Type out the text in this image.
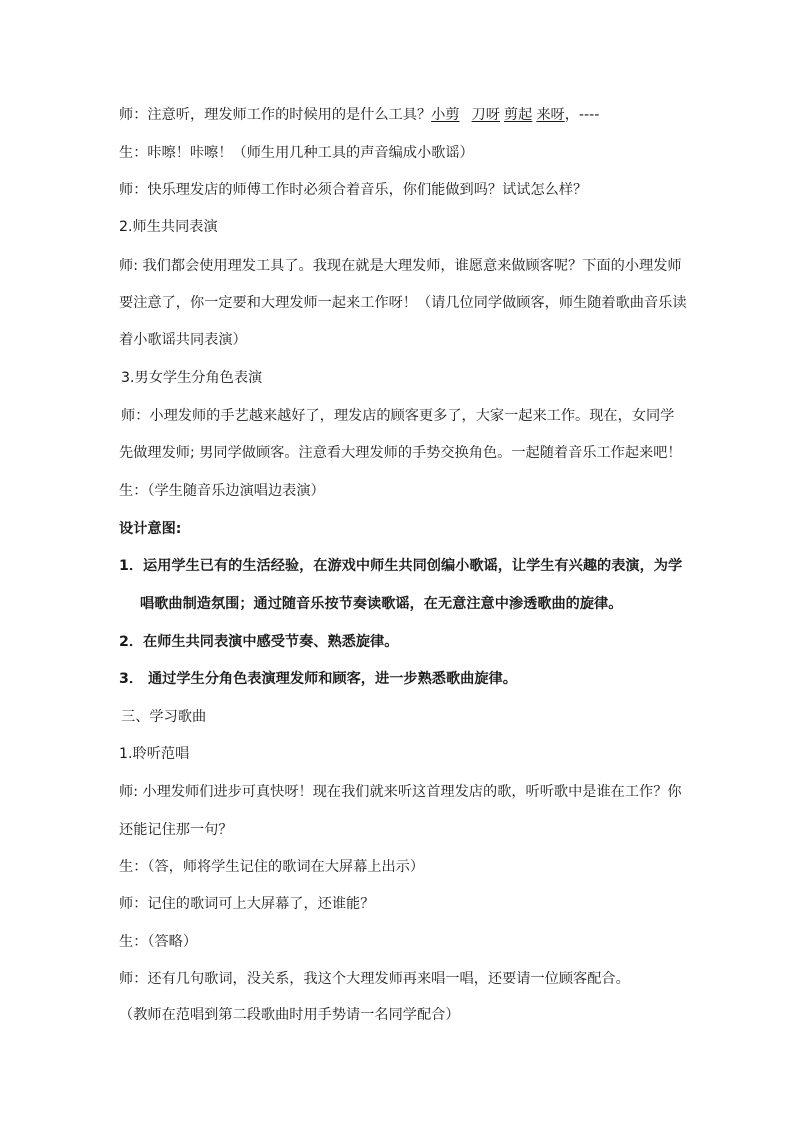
师：注意听，理发师工作的时候用的是什么工具？小剪 刀呀 剪起 来呀，----
生：咔嚓！咔嚓！（师生用几种工具的声音编成小歌谣）
师：快乐理发店的师傅工作时必须合着音乐，你们能做到吗？试试怎么样？
2.师生共同表演
师: 我们都会使用理发工具了。我现在就是大理发师，谁愿意来做顾客呢？下面的小理发师
要注意了，你一定要和大理发师一起来工作呀！（请几位同学做顾客，师生随着歌曲音乐读
着小歌谣共同表演）
3.男女学生分角色表演
师：小理发师的手艺越来越好了，理发店的顾客更多了，大家一起来工作。现在，女同学
先做理发师; 男同学做顾客。注意看大理发师的手势交换角色。一起随着音乐工作起来吧！
生：（学生随音乐边演唱边表演）
设计意图:
1．运用学生已有的生活经验，在游戏中师生共同创编小歌谣，让学生有兴趣的表演，为学
唱歌曲制造氛围；通过随音乐按节奏读歌谣，在无意注意中渗透歌曲的旋律。
2．在师生共同表演中感受节奏、熟悉旋律。
3． 通过学生分角色表演理发师和顾客，进一步熟悉歌曲旋律。
三、学习歌曲
1.聆听范唱
师: 小理发师们进步可真快呀！现在我们就来听这首理发店的歌，听听歌中是谁在工作？你
还能记住那一句？
生：（答，师将学生记住的歌词在大屏幕上出示）
师：记住的歌词可上大屏幕了，还谁能？
生：（答略）
师：还有几句歌词，没关系，我这个大理发师再来唱一唱，还要请一位顾客配合。
（教师在范唱到第二段歌曲时用手势请一名同学配合）
